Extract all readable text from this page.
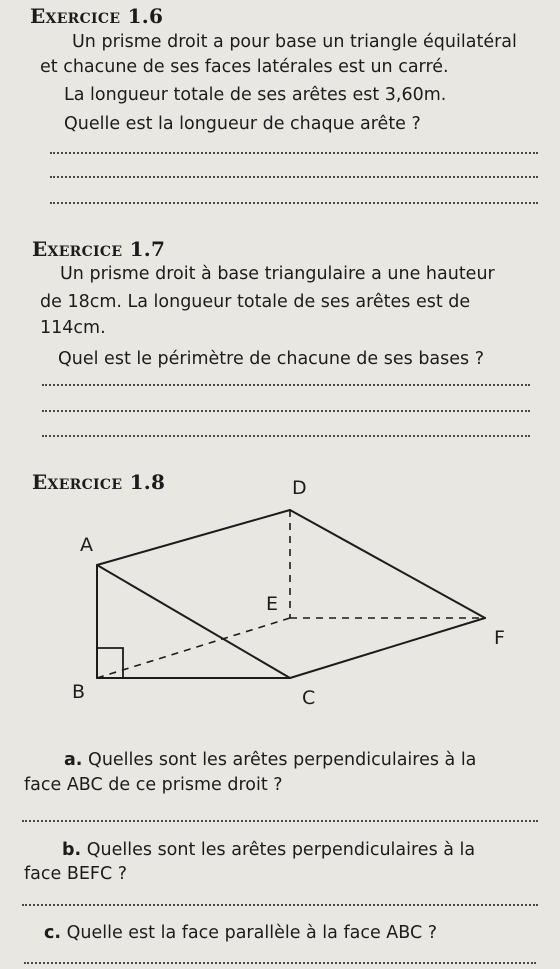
Exercice 1.6
Un prisme droit a pour base un triangle équilatéral
et chacune de ses faces latérales est un carré.
La longueur totale de ses arêtes est 3,60m.
Quelle est la longueur de chaque arête ?
Exercice 1.7
Un prisme droit à base triangulaire a une hauteur
de 18cm. La longueur totale de ses arêtes est de
114cm.
Quel est le périmètre de chacune de ses bases ?
Exercice 1.8
A
B	C
D
E
F
a. Quelles sont les arêtes perpendiculaires à la
face ABC de ce prisme droit ?
b. Quelles sont les arêtes perpendiculaires à la
face BEFC ?
c. Quelle est la face parallèle à la face ABC ?
